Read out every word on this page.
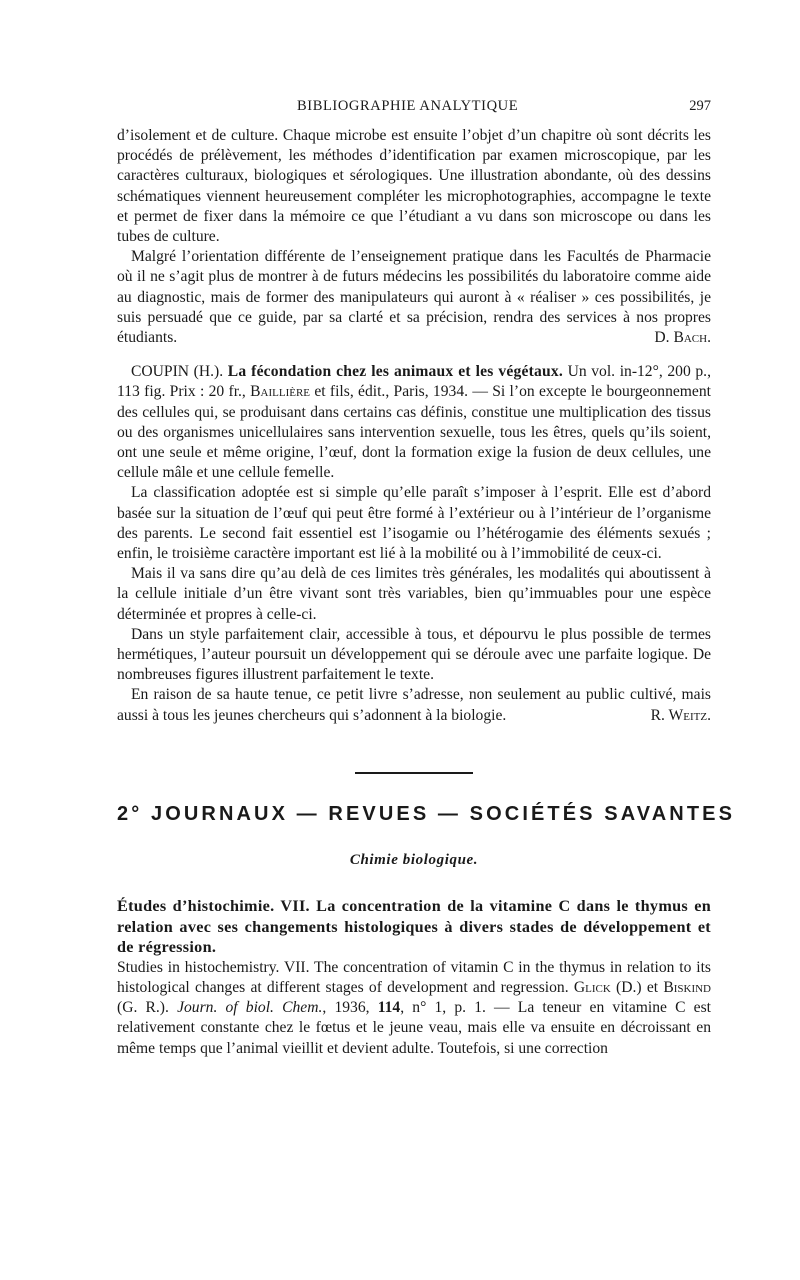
BIBLIOGRAPHIE ANALYTIQUE	297

d’isolement et de culture. Chaque microbe est ensuite l’objet d’un chapitre où sont décrits les procédés de prélèvement, les méthodes d’identification par examen microscopique, par les caractères culturaux, biologiques et sérologiques. Une illustration abondante, où des dessins schématiques viennent heureusement compléter les microphotographies, accompagne le texte et permet de fixer dans la mémoire ce que l’étudiant a vu dans son microscope ou dans les tubes de culture.

Malgré l’orientation différente de l’enseignement pratique dans les Facultés de Pharmacie où il ne s’agit plus de montrer à de futurs médecins les possibilités du laboratoire comme aide au diagnostic, mais de former des manipulateurs qui auront à « réaliser » ces possibilités, je suis persuadé que ce guide, par sa clarté et sa précision, rendra des services à nos propres étudiants.	D. Bach.

COUPIN (H.). La fécondation chez les animaux et les végétaux. Un vol. in-12°, 200 p., 113 fig. Prix : 20 fr., Baillière et fils, édit., Paris, 1934. — Si l’on excepte le bourgeonnement des cellules qui, se produisant dans certains cas définis, constitue une multiplication des tissus ou des organismes unicellulaires sans intervention sexuelle, tous les êtres, quels qu’ils soient, ont une seule et même origine, l’œuf, dont la formation exige la fusion de deux cellules, une cellule mâle et une cellule femelle.

La classification adoptée est si simple qu’elle paraît s’imposer à l’esprit. Elle est d’abord basée sur la situation de l’œuf qui peut être formé à l’extérieur ou à l’intérieur de l’organisme des parents. Le second fait essentiel est l’isogamie ou l’hétérogamie des éléments sexués ; enfin, le troisième caractère important est lié à la mobilité ou à l’immobilité de ceux-ci.

Mais il va sans dire qu’au delà de ces limites très générales, les modalités qui aboutissent à la cellule initiale d’un être vivant sont très variables, bien qu’immuables pour une espèce déterminée et propres à celle-ci.

Dans un style parfaitement clair, accessible à tous, et dépourvu le plus possible de termes hermétiques, l’auteur poursuit un développement qui se déroule avec une parfaite logique. De nombreuses figures illustrent parfaitement le texte.

En raison de sa haute tenue, ce petit livre s’adresse, non seulement au public cultivé, mais aussi à tous les jeunes chercheurs qui s’adonnent à la biologie.	R. Weitz.

2° JOURNAUX — REVUES — SOCIÉTÉS SAVANTES
Chimie biologique.

Études d’histochimie. VII. La concentration de la vitamine C dans le thymus en relation avec ses changements histologiques à divers stades de développement et de régression.

Studies in histochemistry. VII. The concentration of vitamin C in the thymus in relation to its histological changes at different stages of development and regression. Glick (D.) et Biskind (G. R.). Journ. of biol. Chem., 1936, 114, n° 1, p. 1. — La teneur en vitamine C est relativement constante chez le fœtus et le jeune veau, mais elle va ensuite en décroissant en même temps que l’animal vieillit et devient adulte. Toutefois, si une correction
